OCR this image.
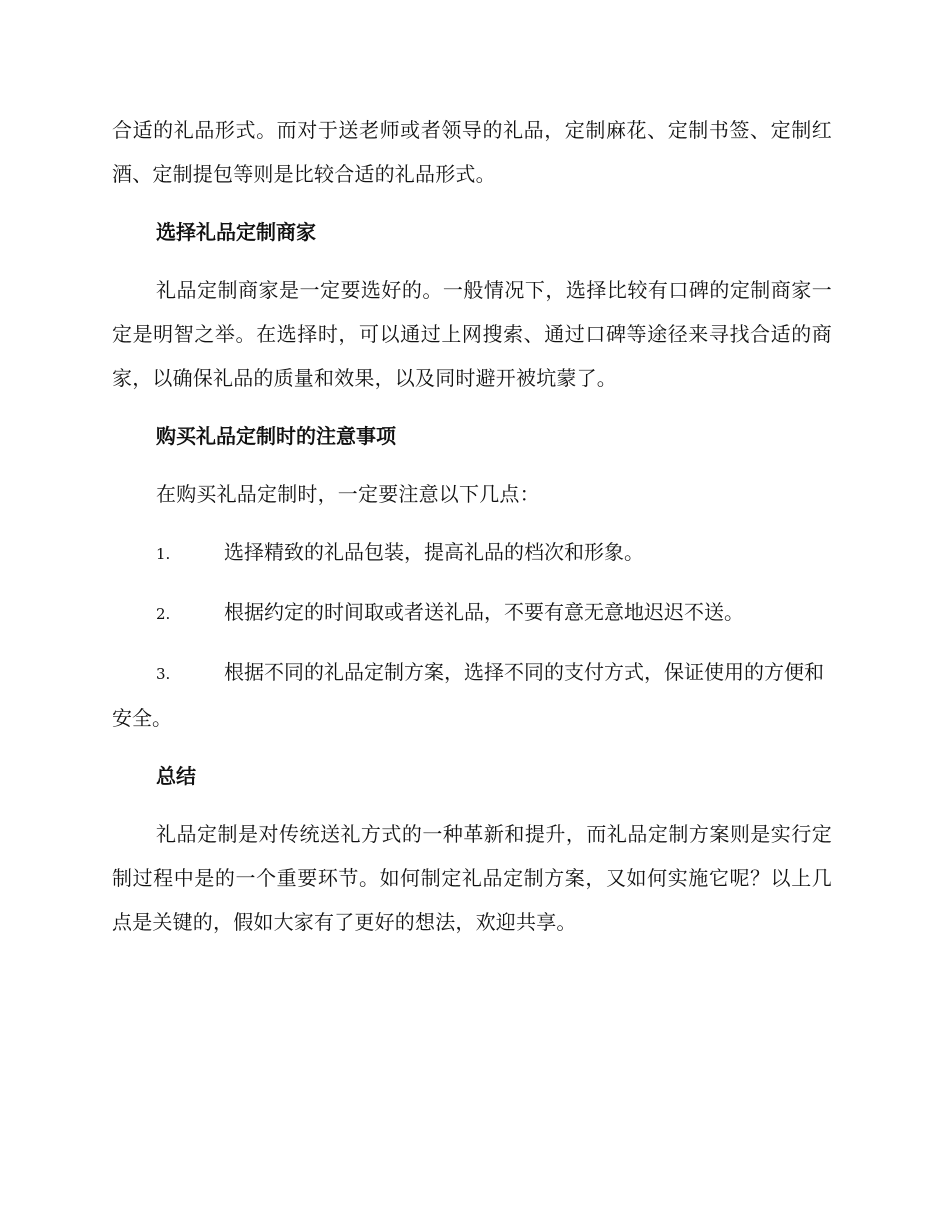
合适的礼品形式。而对于送老师或者领导的礼品，定制麻花、定制书签、定制红酒、定制提包等则是比较合适的礼品形式。

选择礼品定制商家

礼品定制商家是一定要选好的。一般情况下，选择比较有口碑的定制商家一定是明智之举。在选择时，可以通过上网搜索、通过口碑等途径来寻找合适的商家，以确保礼品的质量和效果，以及同时避开被坑蒙了。

购买礼品定制时的注意事项

在购买礼品定制时，一定要注意以下几点：

1.	选择精致的礼品包装，提高礼品的档次和形象。
2.	根据约定的时间取或者送礼品，不要有意无意地迟迟不送。
3.	根据不同的礼品定制方案，选择不同的支付方式，保证使用的方便和安全。
总结

礼品定制是对传统送礼方式的一种革新和提升，而礼品定制方案则是实行定制过程中是的一个重要环节。如何制定礼品定制方案，又如何实施它呢？以上几点是关键的，假如大家有了更好的想法，欢迎共享。
